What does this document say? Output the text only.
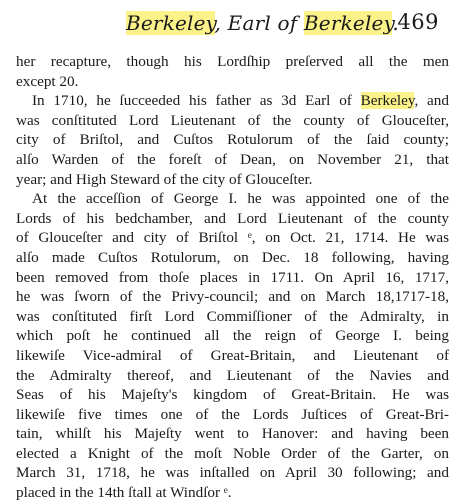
Berkeley, Earl of Berkeley.
469
her recapture, though his Lordſhip preſerved all the men
except 20.
In 1710, he ſucceeded his father as 3d Earl of Berkeley, and
was conſtituted Lord Lieutenant of the county of Glouceſter,
city of Briſtol, and Cuſtos Rotulorum of the ſaid county;
alſo Warden of the foreſt of Dean, on November 21, that
year; and High Steward of the city of Glouceſter.
At the acceſſion of George I. he was appointed one of the
Lords of his bedchamber, and Lord Lieutenant of the county
of Glouceſter and city of Briſtol ᵉ, on Oct. 21, 1714. He was
alſo made Cuſtos Rotulorum, on Dec. 18 following, having
been removed from thoſe places in 1711. On April 16, 1717,
he was ſworn of the Privy-council; and on March 18,1717-18,
was conſtituted firſt Lord Commiſſioner of the Admiralty, in
which poſt he continued all the reign of George I. being
likewiſe Vice-admiral of Great-Britain, and Lieutenant of
the Admiralty thereof, and Lieutenant of the Navies and
Seas of his Majeſty's kingdom of Great-Britain. He was
likewiſe five times one of the Lords Juſtices of Great-Bri-
tain, whilſt his Majeſty went to Hanover: and having been
elected a Knight of the moſt Noble Order of the Garter, on
March 31, 1718, he was inſtalled on April 30 following; and
placed in the 14th ſtall at Windſor ᵉ.
